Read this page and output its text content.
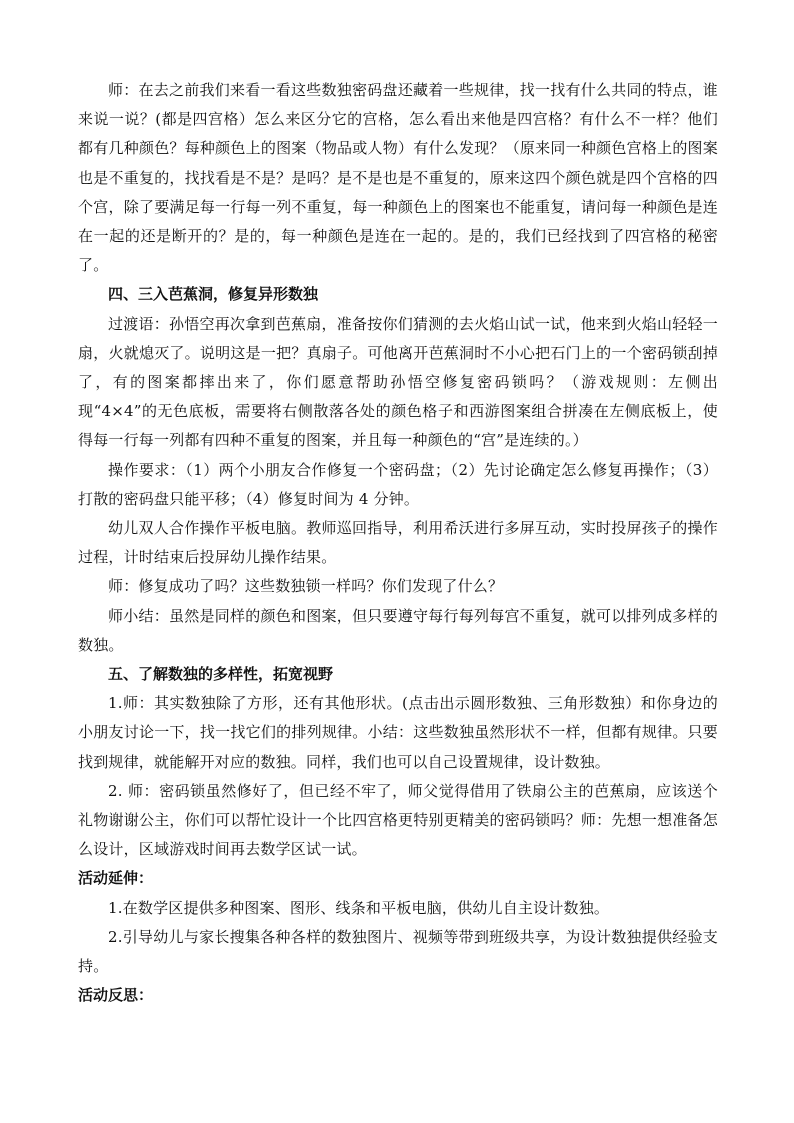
师：在去之前我们来看一看这些数独密码盘还藏着一些规律，找一找有什么共同的特点，谁来说一说？(都是四宫格）怎么来区分它的宫格，怎么看出来他是四宫格？有什么不一样？他们都有几种颜色？每种颜色上的图案（物品或人物）有什么发现？（原来同一种颜色宫格上的图案也是不重复的，找找看是不是？是吗？是不是也是不重复的，原来这四个颜色就是四个宫格的四个宫，除了要满足每一行每一列不重复，每一种颜色上的图案也不能重复，请问每一种颜色是连在一起的还是断开的？是的，每一种颜色是连在一起的。是的，我们已经找到了四宫格的秘密了。

四、三入芭蕉洞，修复异形数独

过渡语：孙悟空再次拿到芭蕉扇，准备按你们猜测的去火焰山试一试，他来到火焰山轻轻一扇，火就熄灭了。说明这是一把？真扇子。可他离开芭蕉洞时不小心把石门上的一个密码锁刮掉了，有的图案都摔出来了，你们愿意帮助孙悟空修复密码锁吗？（游戏规则：左侧出现“4×4”的无色底板，需要将右侧散落各处的颜色格子和西游图案组合拼凑在左侧底板上，使得每一行每一列都有四种不重复的图案，并且每一种颜色的“宫”是连续的。）

操作要求：（1）两个小朋友合作修复一个密码盘；（2）先讨论确定怎么修复再操作；（3）打散的密码盘只能平移；（4）修复时间为 4 分钟。

幼儿双人合作操作平板电脑。教师巡回指导，利用希沃进行多屏互动，实时投屏孩子的操作过程，计时结束后投屏幼儿操作结果。

师：修复成功了吗？这些数独锁一样吗？你们发现了什么？

师小结：虽然是同样的颜色和图案，但只要遵守每行每列每宫不重复，就可以排列成多样的数独。

五、了解数独的多样性，拓宽视野

1.师：其实数独除了方形，还有其他形状。(点击出示圆形数独、三角形数独）和你身边的小朋友讨论一下，找一找它们的排列规律。小结：这些数独虽然形状不一样，但都有规律。只要找到规律，就能解开对应的数独。同样，我们也可以自己设置规律，设计数独。

2. 师：密码锁虽然修好了，但已经不牢了，师父觉得借用了铁扇公主的芭蕉扇，应该送个礼物谢谢公主，你们可以帮忙设计一个比四宫格更特别更精美的密码锁吗？师：先想一想准备怎么设计，区域游戏时间再去数学区试一试。

活动延伸：

1.在数学区提供多种图案、图形、线条和平板电脑，供幼儿自主设计数独。

2.引导幼儿与家长搜集各种各样的数独图片、视频等带到班级共享，为设计数独提供经验支持。

活动反思：
